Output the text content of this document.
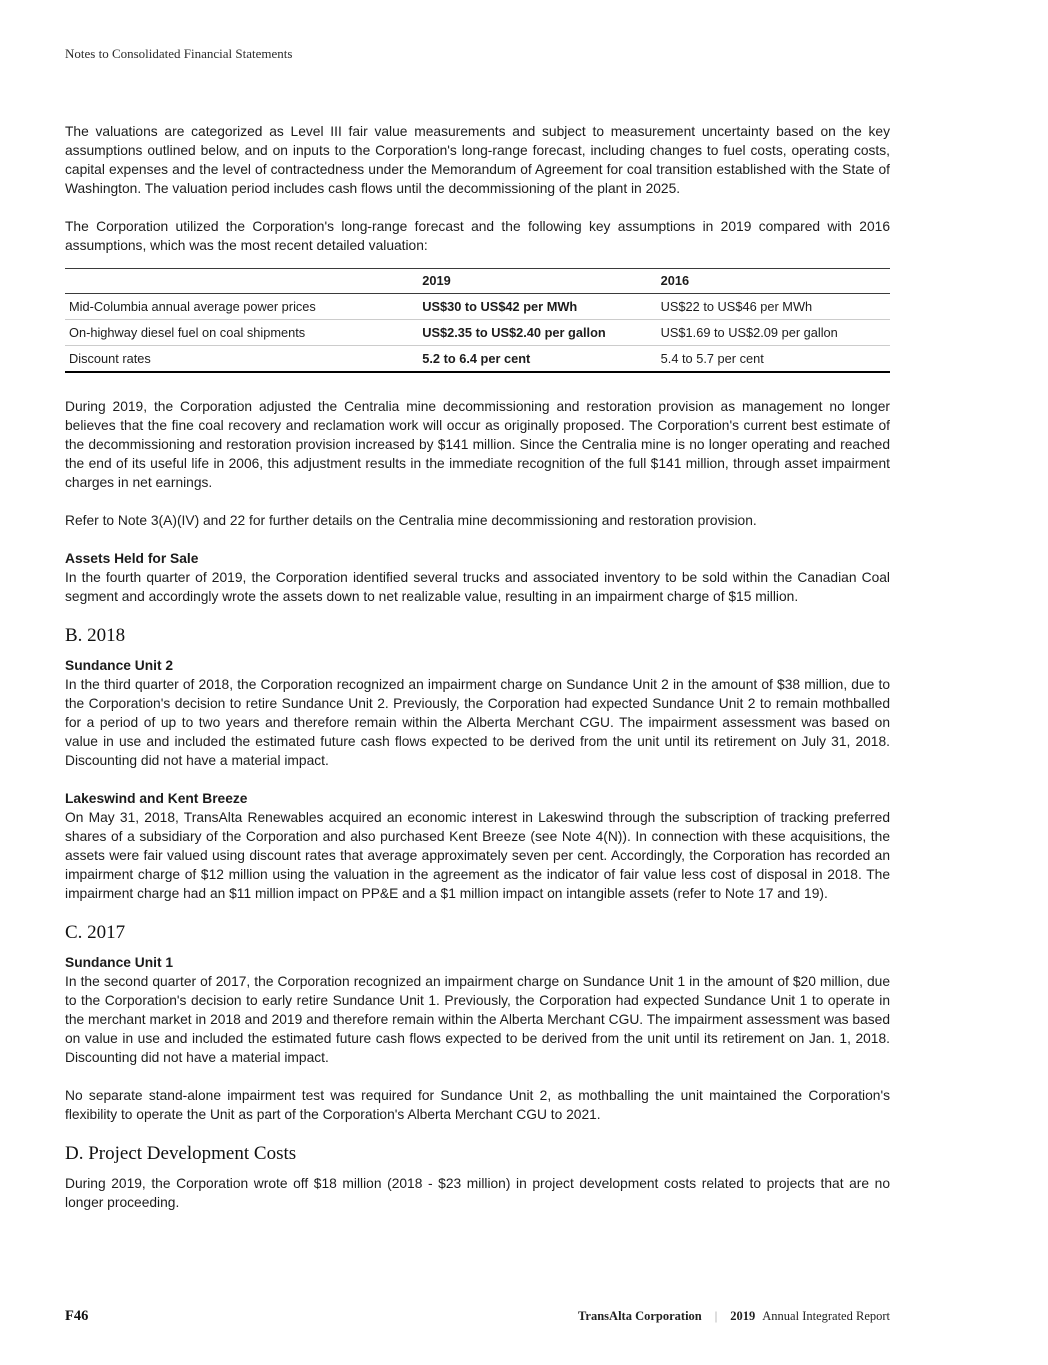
Notes to Consolidated Financial Statements

The valuations are categorized as Level III fair value measurements and subject to measurement uncertainty based on the key assumptions outlined below, and on inputs to the Corporation's long-range forecast, including changes to fuel costs, operating costs, capital expenses and the level of contractedness under the Memorandum of Agreement for coal transition established with the State of Washington. The valuation period includes cash flows until the decommissioning of the plant in 2025.

The Corporation utilized the Corporation's long-range forecast and the following key assumptions in 2019 compared with 2016 assumptions, which was the most recent detailed valuation:

	2019	2016
Mid-Columbia annual average power prices	US$30 to US$42 per MWh	US$22 to US$46 per MWh
On-highway diesel fuel on coal shipments	US$2.35 to US$2.40 per gallon	US$1.69 to US$2.09 per gallon
Discount rates	5.2 to 6.4 per cent	5.4 to 5.7 per cent

During 2019, the Corporation adjusted the Centralia mine decommissioning and restoration provision as management no longer believes that the fine coal recovery and reclamation work will occur as originally proposed. The Corporation's current best estimate of the decommissioning and restoration provision increased by $141 million. Since the Centralia mine is no longer operating and reached the end of its useful life in 2006, this adjustment results in the immediate recognition of the full $141 million, through asset impairment charges in net earnings.

Refer to Note 3(A)(IV) and 22 for further details on the Centralia mine decommissioning and restoration provision.

Assets Held for Sale

In the fourth quarter of 2019, the Corporation identified several trucks and associated inventory to be sold within the Canadian Coal segment and accordingly wrote the assets down to net realizable value, resulting in an impairment charge of $15 million.

B. 2018
Sundance Unit 2

In the third quarter of 2018, the Corporation recognized an impairment charge on Sundance Unit 2 in the amount of $38 million, due to the Corporation's decision to retire Sundance Unit 2. Previously, the Corporation had expected Sundance Unit 2 to remain mothballed for a period of up to two years and therefore remain within the Alberta Merchant CGU. The impairment assessment was based on value in use and included the estimated future cash flows expected to be derived from the unit until its retirement on July 31, 2018. Discounting did not have a material impact.

Lakeswind and Kent Breeze

On May 31, 2018, TransAlta Renewables acquired an economic interest in Lakeswind through the subscription of tracking preferred shares of a subsidiary of the Corporation and also purchased Kent Breeze (see Note 4(N)). In connection with these acquisitions, the assets were fair valued using discount rates that average approximately seven per cent. Accordingly, the Corporation has recorded an impairment charge of $12 million using the valuation in the agreement as the indicator of fair value less cost of disposal in 2018. The impairment charge had an $11 million impact on PP&E and a $1 million impact on intangible assets (refer to Note 17 and 19).

C. 2017
Sundance Unit 1

In the second quarter of 2017, the Corporation recognized an impairment charge on Sundance Unit 1 in the amount of $20 million, due to the Corporation's decision to early retire Sundance Unit 1. Previously, the Corporation had expected Sundance Unit 1 to operate in the merchant market in 2018 and 2019 and therefore remain within the Alberta Merchant CGU. The impairment assessment was based on value in use and included the estimated future cash flows expected to be derived from the unit until its retirement on Jan. 1, 2018. Discounting did not have a material impact.

No separate stand-alone impairment test was required for Sundance Unit 2, as mothballing the unit maintained the Corporation's flexibility to operate the Unit as part of the Corporation's Alberta Merchant CGU to 2021.

D. Project Development Costs

During 2019, the Corporation wrote off $18 million (2018 - $23 million) in project development costs related to projects that are no longer proceeding.

F46	TransAlta Corporation	|	2019 Annual Integrated Report
